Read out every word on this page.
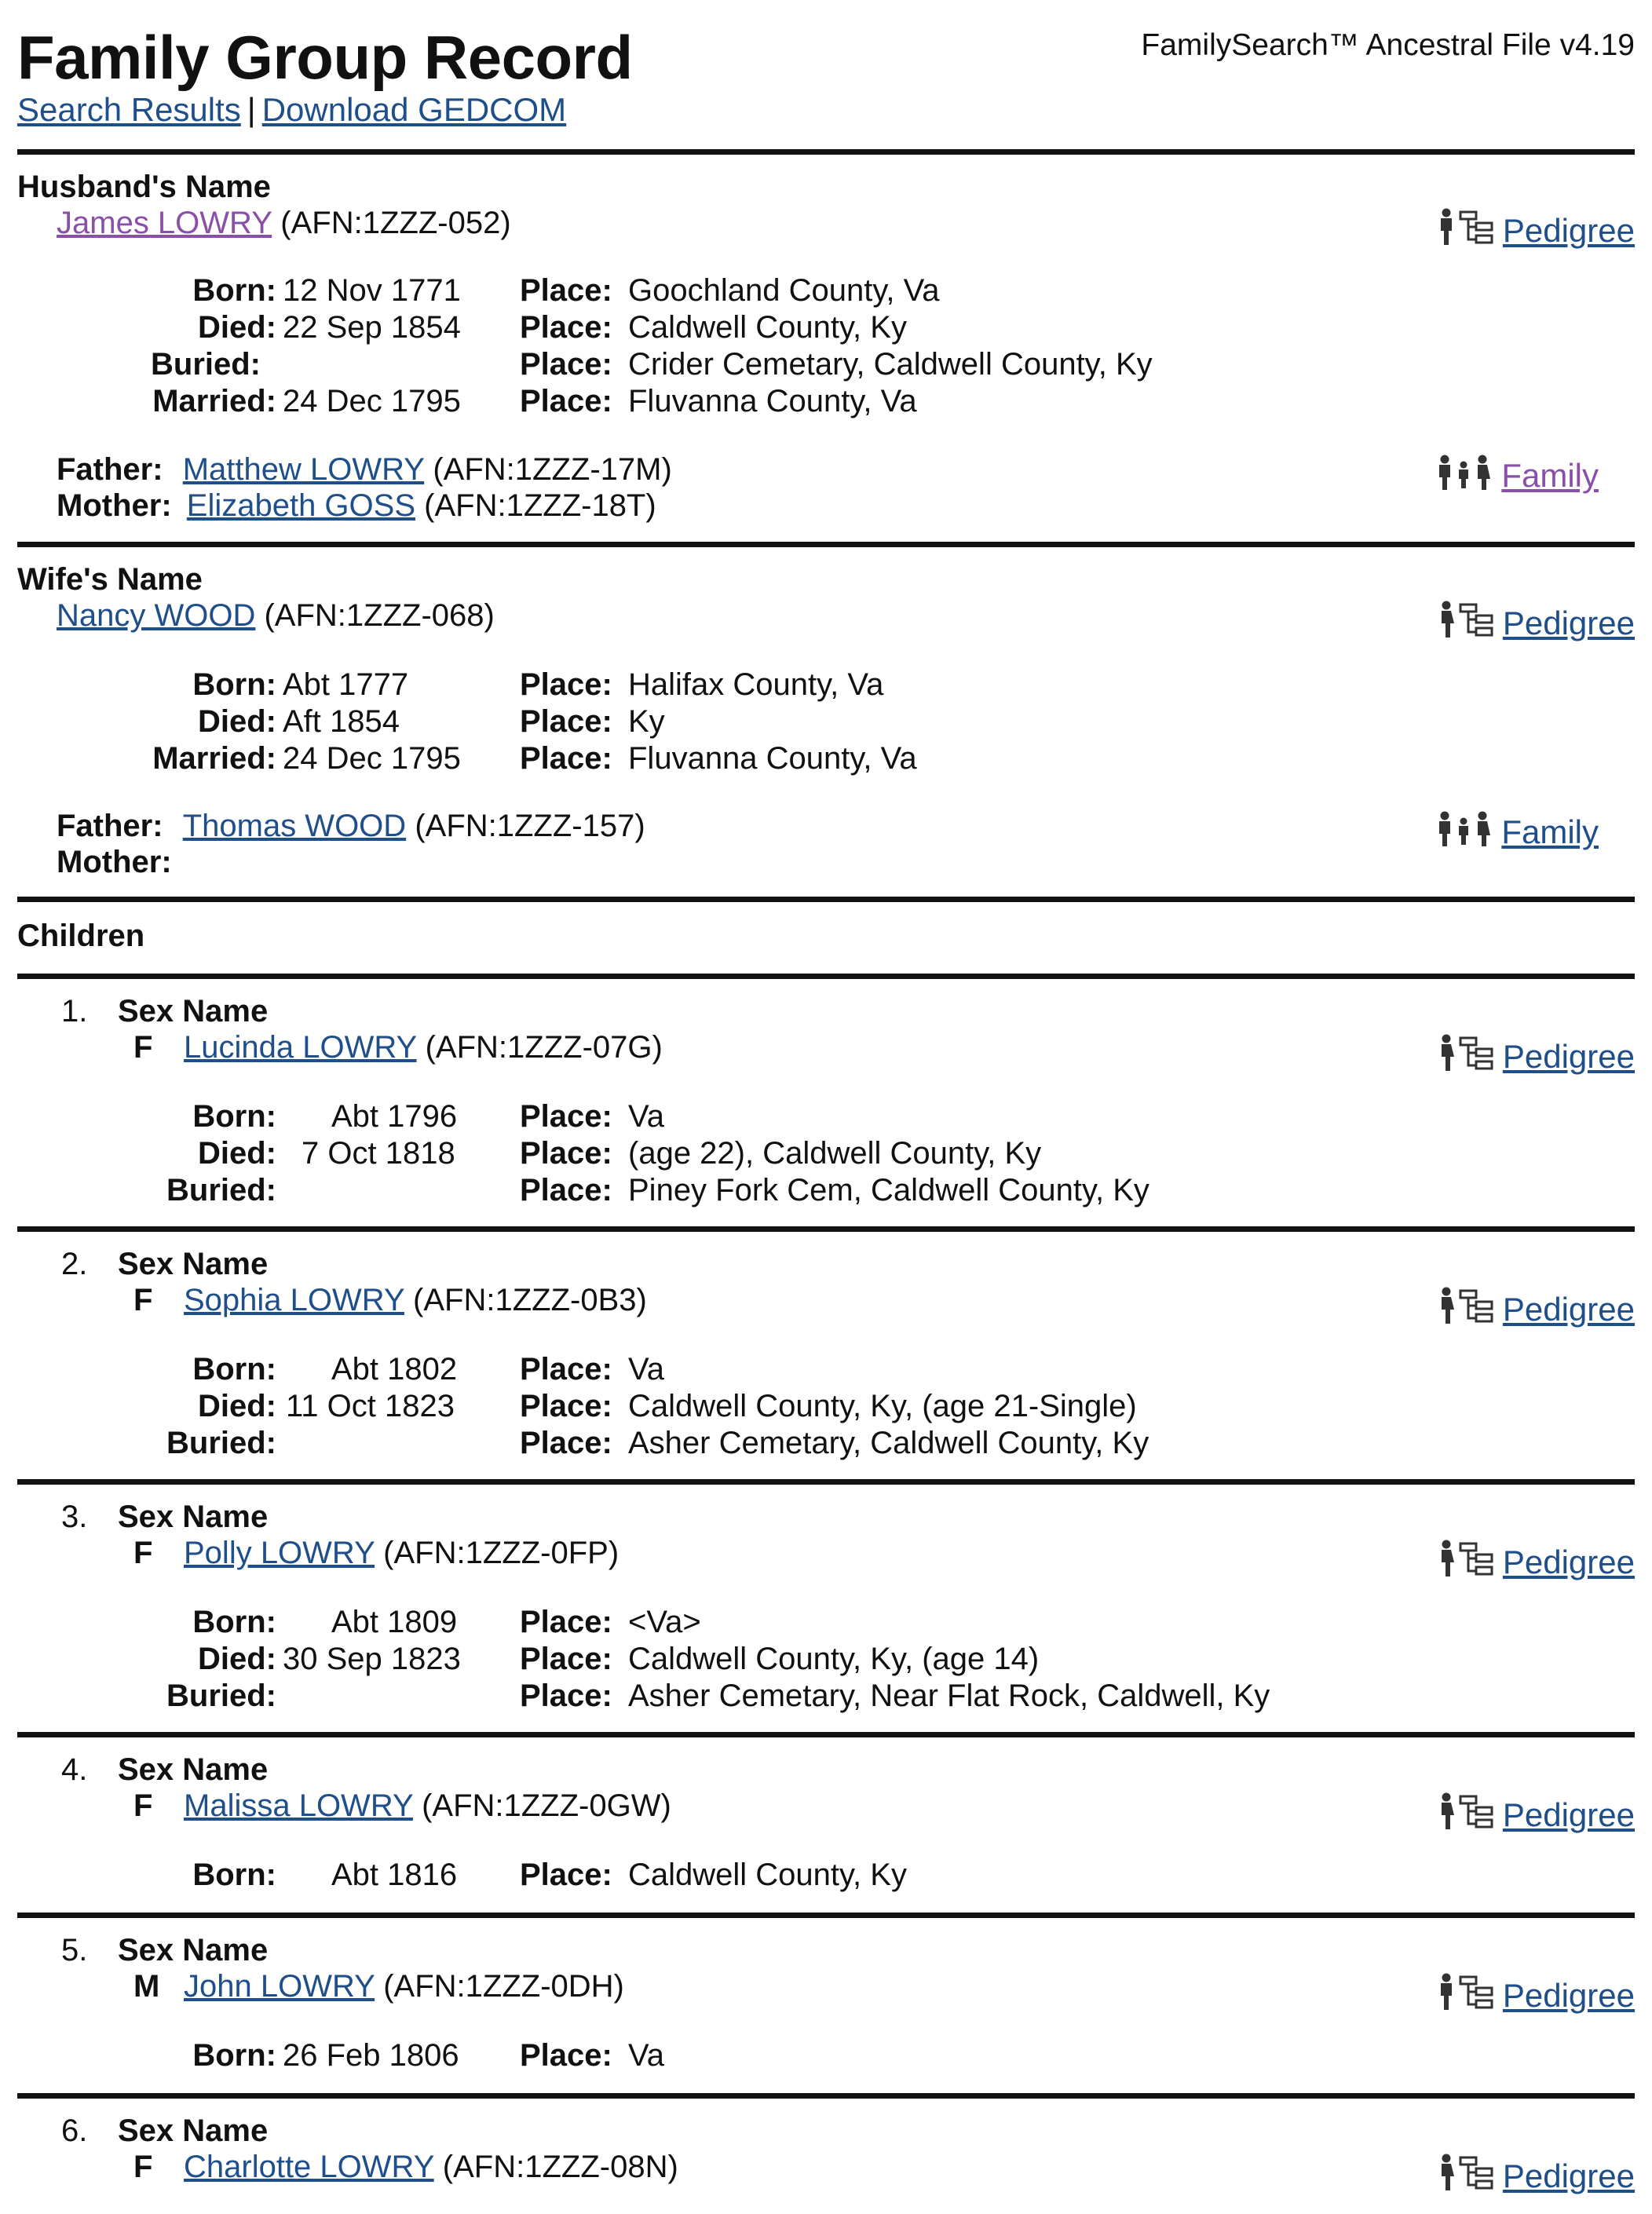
Family Group Record	FamilySearch™ Ancestral File v4.19
Search Results | Download GEDCOM
Husband's Name
James LOWRY (AFN:1ZZZ-052)	Pedigree
Born: 12 Nov 1771 Place: Goochland County, Va
Died: 22 Sep 1854 Place: Caldwell County, Ky
Buried:	Place: Crider Cemetary, Caldwell County, Ky
Married: 24 Dec 1795 Place: Fluvanna County, Va
Father: Matthew LOWRY (AFN:1ZZZ-17M)
Mother: Elizabeth GOSS (AFN:1ZZZ-18T)
Family
Wife's Name
Nancy WOOD (AFN:1ZZZ-068)	Pedigree
Born: Abt 1777	Place: Halifax County, Va
Died: Aft 1854	Place: Ky
Married: 24 Dec 1795 Place: Fluvanna County, Va
Father: Thomas WOOD (AFN:1ZZZ-157)
Mother:
Family
Children
1. Sex Name
F Lucinda LOWRY (AFN:1ZZZ-07G)	Pedigree
Born: Abt 1796 Place: Va
Died: 7 Oct 1818 Place: (age 22), Caldwell County, Ky
Buried:	Place: Piney Fork Cem, Caldwell County, Ky
2. Sex Name
F Sophia LOWRY (AFN:1ZZZ-0B3)	Pedigree
Born: Abt 1802 Place: Va
Died: 11 Oct 1823 Place: Caldwell County, Ky, (age 21-Single)
Buried:	Place: Asher Cemetary, Caldwell County, Ky
3. Sex Name
F Polly LOWRY (AFN:1ZZZ-0FP)	Pedigree
Born: Abt 1809 Place: <Va>
Died: 30 Sep 1823 Place: Caldwell County, Ky, (age 14)
Buried:	Place: Asher Cemetary, Near Flat Rock, Caldwell, Ky
4. Sex Name
F Malissa LOWRY (AFN:1ZZZ-0GW)	Pedigree
Born: Abt 1816 Place: Caldwell County, Ky
5. Sex Name
M John LOWRY (AFN:1ZZZ-0DH)	Pedigree
Born: 26 Feb 1806 Place: Va
6. Sex Name
F Charlotte LOWRY (AFN:1ZZZ-08N)	Pedigree
